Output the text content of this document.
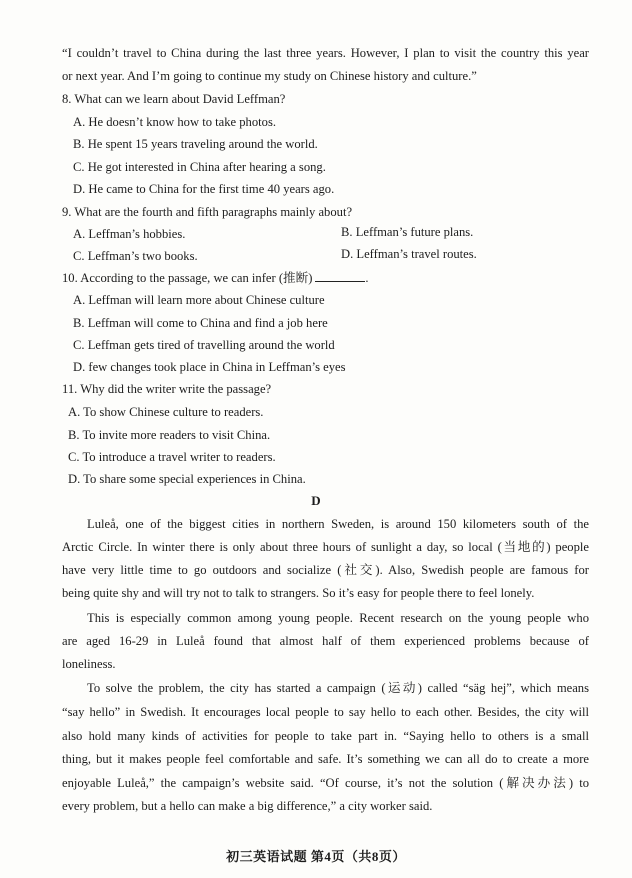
“I couldn’t travel to China during the last three years. However, I plan to visit the country this year
or next year. And I’m going to continue my study on Chinese history and culture.”
8. What can we learn about David Leffman?
A. He doesn’t know how to take photos.
B. He spent 15 years traveling around the world.
C. He got interested in China after hearing a song.
D. He came to China for the first time 40 years ago.
9. What are the fourth and fifth paragraphs mainly about?
A. Leffman’s hobbies.	B. Leffman’s future plans.
C. Leffman’s two books.	D. Leffman’s travel routes.
10. According to the passage, we can infer (推断)	.
A. Leffman will learn more about Chinese culture
B. Leffman will come to China and find a job here
C. Leffman gets tired of travelling around the world
D. few changes took place in China in Leffman’s eyes
11. Why did the writer write the passage?
A. To show Chinese culture to readers.
B. To invite more readers to visit China.
C. To introduce a travel writer to readers.
D. To share some special experiences in China.
D
Luleå, one of the biggest cities in northern Sweden, is around 150 kilometers south of the
Arctic Circle. In winter there is only about three hours of sunlight a day, so local (当地的) people
have very little time to go outdoors and socialize (社交). Also, Swedish people are famous for
being quite shy and will try not to talk to strangers. So it’s easy for people there to feel lonely.
This is especially common among young people. Recent research on the young people who
are aged 16-29 in Luleå found that almost half of them experienced problems because of
loneliness.
To solve the problem, the city has started a campaign (运动) called “säg hej”, which means
“say hello” in Swedish. It encourages local people to say hello to each other. Besides, the city will
also hold many kinds of activities for people to take part in. “Saying hello to others is a small
thing, but it makes people feel comfortable and safe. It’s something we can all do to create a more
enjoyable Luleå,” the campaign’s website said. “Of course, it’s not the solution (解决办法) to
every problem, but a hello can make a big difference,” a city worker said.
初三英语试题 第4页（共8页）
